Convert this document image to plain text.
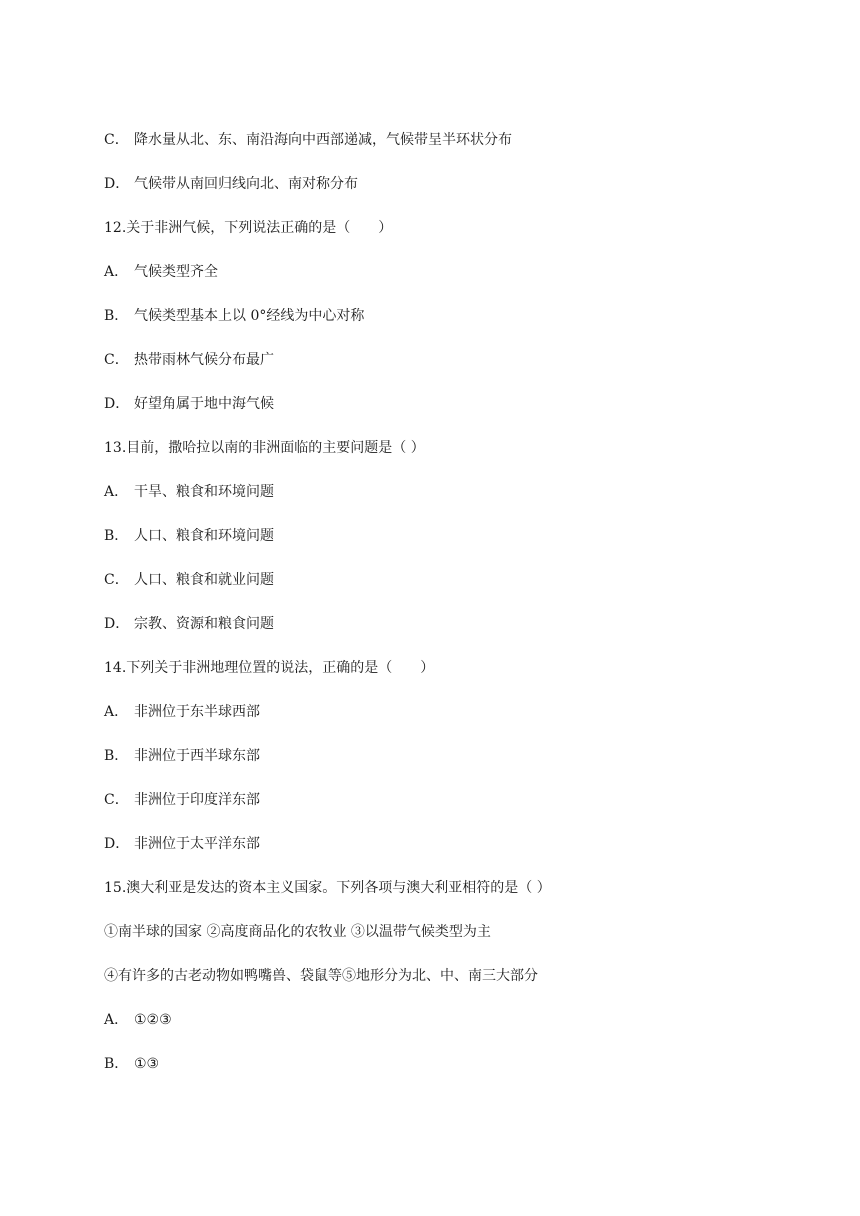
C． 降水量从北、东、南沿海向中西部递减，气候带呈半环状分布
D． 气候带从南回归线向北、南对称分布
12.关于非洲气候，下列说法正确的是（　　）
A． 气候类型齐全
B． 气候类型基本上以 0°经线为中心对称
C． 热带雨林气候分布最广
D． 好望角属于地中海气候
13.目前，撒哈拉以南的非洲面临的主要问题是（ ）
A． 干旱、粮食和环境问题
B． 人口、粮食和环境问题
C． 人口、粮食和就业问题
D． 宗教、资源和粮食问题
14.下列关于非洲地理位置的说法，正确的是（　　）
A． 非洲位于东半球西部
B． 非洲位于西半球东部
C． 非洲位于印度洋东部
D． 非洲位于太平洋东部
15.澳大利亚是发达的资本主义国家。下列各项与澳大利亚相符的是（ ）
①南半球的国家 ②高度商品化的农牧业 ③以温带气候类型为主
④有许多的古老动物如鸭嘴兽、袋鼠等⑤地形分为北、中、南三大部分
A． ①②③
B． ①③
